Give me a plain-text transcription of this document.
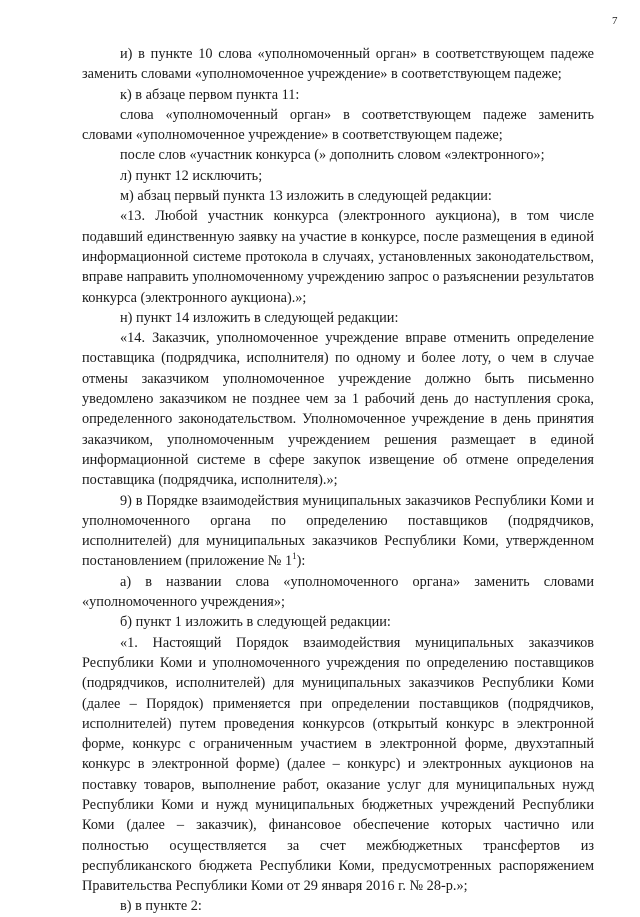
7

и) в пункте 10 слова «уполномоченный орган» в соответствующем падеже заменить словами «уполномоченное учреждение» в соответствующем падеже;

к) в абзаце первом пункта 11:

слова «уполномоченный орган» в соответствующем падеже заменить словами «уполномоченное учреждение» в соответствующем падеже;

после слов «участник конкурса (» дополнить словом «электронного»;

л) пункт 12 исключить;

м) абзац первый пункта 13 изложить в следующей редакции:

«13. Любой участник конкурса (электронного аукциона), в том числе подавший единственную заявку на участие в конкурсе, после размещения в единой информационной системе протокола в случаях, установленных законодательством, вправе направить уполномоченному учреждению запрос о разъяснении результатов конкурса (электронного аукциона).»;

н) пункт 14 изложить в следующей редакции:

«14. Заказчик, уполномоченное учреждение вправе отменить определение поставщика (подрядчика, исполнителя) по одному и более лоту, о чем в случае отмены заказчиком уполномоченное учреждение должно быть письменно уведомлено заказчиком не позднее чем за 1 рабочий день до наступления срока, определенного законодательством. Уполномоченное учреждение в день принятия заказчиком, уполномоченным учреждением решения размещает в единой информационной системе в сфере закупок извещение об отмене определения поставщика (подрядчика, исполнителя).»;

9) в Порядке взаимодействия муниципальных заказчиков Республики Коми и уполномоченного органа по определению поставщиков (подрядчиков, исполнителей) для муниципальных заказчиков Республики Коми, утвержденном постановлением (приложение № $1^1$):

а) в названии слова «уполномоченного органа» заменить словами «уполномоченного учреждения»;

б) пункт 1 изложить в следующей редакции:

«1. Настоящий Порядок взаимодействия муниципальных заказчиков Республики Коми и уполномоченного учреждения по определению поставщиков (подрядчиков, исполнителей) для муниципальных заказчиков Республики Коми (далее – Порядок) применяется при определении поставщиков (подрядчиков, исполнителей) путем проведения конкурсов (открытый конкурс в электронной форме, конкурс с ограниченным участием в электронной форме, двухэтапный конкурс в электронной форме) (далее – конкурс) и электронных аукционов на поставку товаров, выполнение работ, оказание услуг для муниципальных нужд Республики Коми и нужд муниципальных бюджетных учреждений Республики Коми (далее – заказчик), финансовое обеспечение которых частично или полностью осуществляется за счет межбюджетных трансфертов из республиканского бюджета Республики Коми, предусмотренных распоряжением Правительства Республики Коми от 29 января 2016 г. № 28-р.»;

в) в пункте 2:
